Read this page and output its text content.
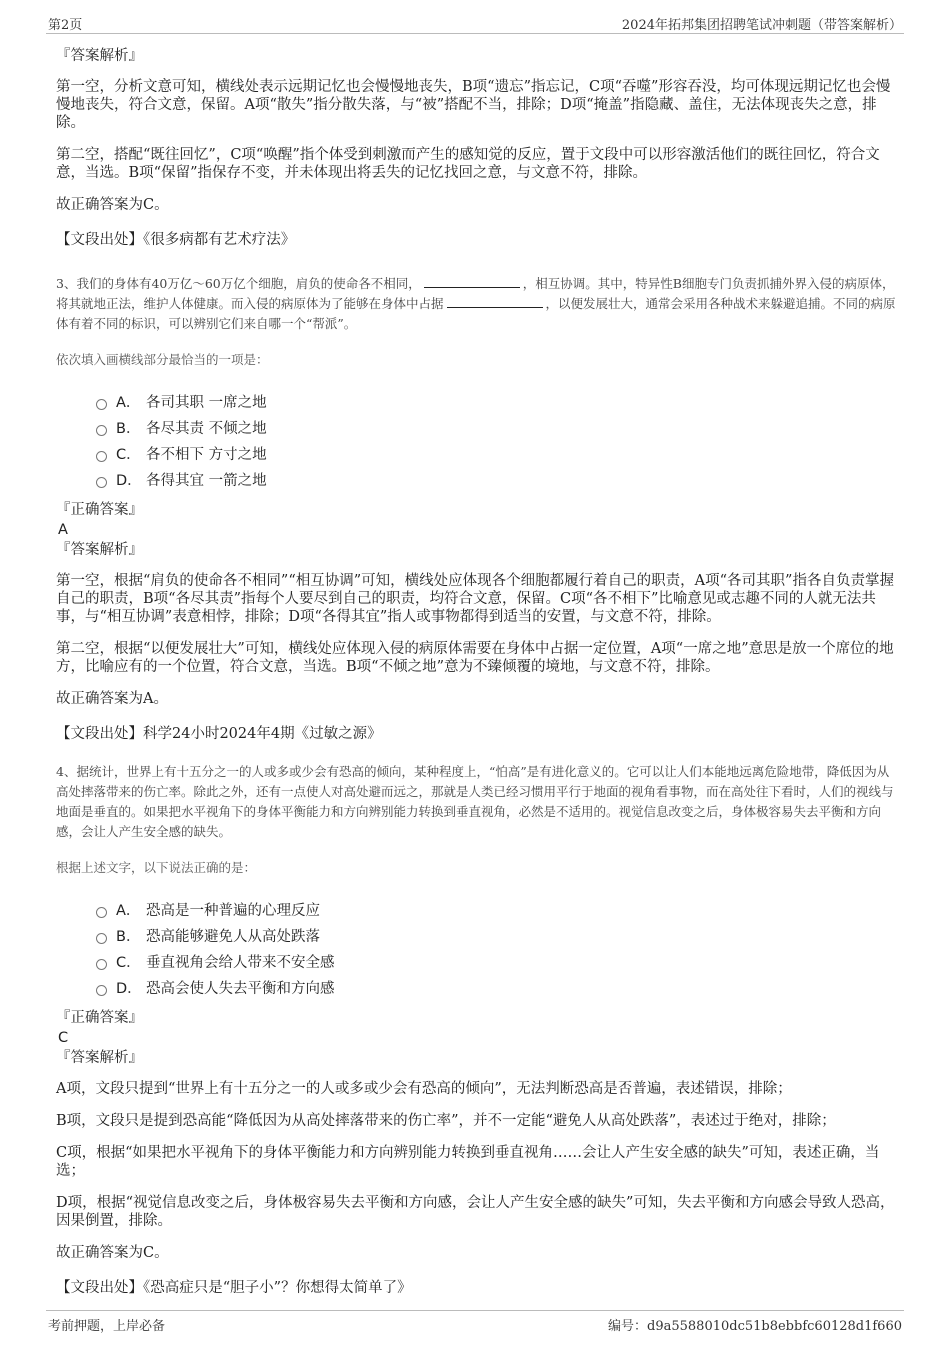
第2页	2024年拓邦集团招聘笔试冲刺题（带答案解析）
『答案解析』

第一空，分析文意可知，横线处表示远期记忆也会慢慢地丧失，B项“遗忘”指忘记，C项“吞噬”形容吞没，均可体现远期记忆也会慢慢地丧失，符合文意，保留。A项“散失”指分散失落，与“被”搭配不当，排除；D项“掩盖”指隐藏、盖住，无法体现丧失之意，排除。

第二空，搭配“既往回忆”，C项“唤醒”指个体受到刺激而产生的感知觉的反应，置于文段中可以形容激活他们的既往回忆，符合文意，当选。B项“保留”指保存不变，并未体现出将丢失的记忆找回之意，与文意不符，排除。

故正确答案为C。

【文段出处】《很多病都有艺术疗法》

3、我们的身体有40万亿～60万亿个细胞，肩负的使命各不相同，	，相互协调。其中，特异性B细胞专门负责抓捕外界入侵的病原体，将其就地正法，维护人体健康。而入侵的病原体为了能够在身体中占据	，以便发展壮大，通常会采用各种战术来躲避追捕。不同的病原体有着不同的标识，可以辨别它们来自哪一个“帮派”。

依次填入画横线部分最恰当的一项是：

A． 各司其职 一席之地
B． 各尽其责 不倾之地
C． 各不相下 方寸之地
D． 各得其宜 一箭之地
『正确答案』
A
『答案解析』

第一空，根据“肩负的使命各不相同”“相互协调”可知，横线处应体现各个细胞都履行着自己的职责，A项“各司其职”指各自负责掌握自己的职责，B项“各尽其责”指每个人要尽到自己的职责，均符合文意，保留。C项“各不相下”比喻意见或志趣不同的人就无法共事，与“相互协调”表意相悖，排除；D项“各得其宜”指人或事物都得到适当的安置，与文意不符，排除。

第二空，根据“以便发展壮大”可知，横线处应体现入侵的病原体需要在身体中占据一定位置，A项“一席之地”意思是放一个席位的地方，比喻应有的一个位置，符合文意，当选。B项“不倾之地”意为不臻倾覆的境地，与文意不符，排除。

故正确答案为A。

【文段出处】科学24小时2024年4期《过敏之源》

4、据统计，世界上有十五分之一的人或多或少会有恐高的倾向，某种程度上，“怕高”是有进化意义的。它可以让人们本能地远离危险地带，降低因为从高处摔落带来的伤亡率。除此之外，还有一点使人对高处避而远之，那就是人类已经习惯用平行于地面的视角看事物，而在高处往下看时，人们的视线与地面是垂直的。如果把水平视角下的身体平衡能力和方向辨别能力转换到垂直视角，必然是不适用的。视觉信息改变之后，身体极容易失去平衡和方向感，会让人产生安全感的缺失。

根据上述文字，以下说法正确的是：

A． 恐高是一种普遍的心理反应
B． 恐高能够避免人从高处跌落
C． 垂直视角会给人带来不安全感
D． 恐高会使人失去平衡和方向感
『正确答案』
C
『答案解析』

A项，文段只提到“世界上有十五分之一的人或多或少会有恐高的倾向”，无法判断恐高是否普遍，表述错误，排除；

B项，文段只是提到恐高能“降低因为从高处摔落带来的伤亡率”，并不一定能“避免人从高处跌落”，表述过于绝对，排除；

C项，根据“如果把水平视角下的身体平衡能力和方向辨别能力转换到垂直视角……会让人产生安全感的缺失”可知，表述正确，当选；

D项，根据“视觉信息改变之后，身体极容易失去平衡和方向感，会让人产生安全感的缺失”可知，失去平衡和方向感会导致人恐高，因果倒置，排除。

故正确答案为C。

【文段出处】《恐高症只是“胆子小”？你想得太简单了》

考前押题，上岸必备	编号：d9a5588010dc51b8ebbfc60128d1f660
